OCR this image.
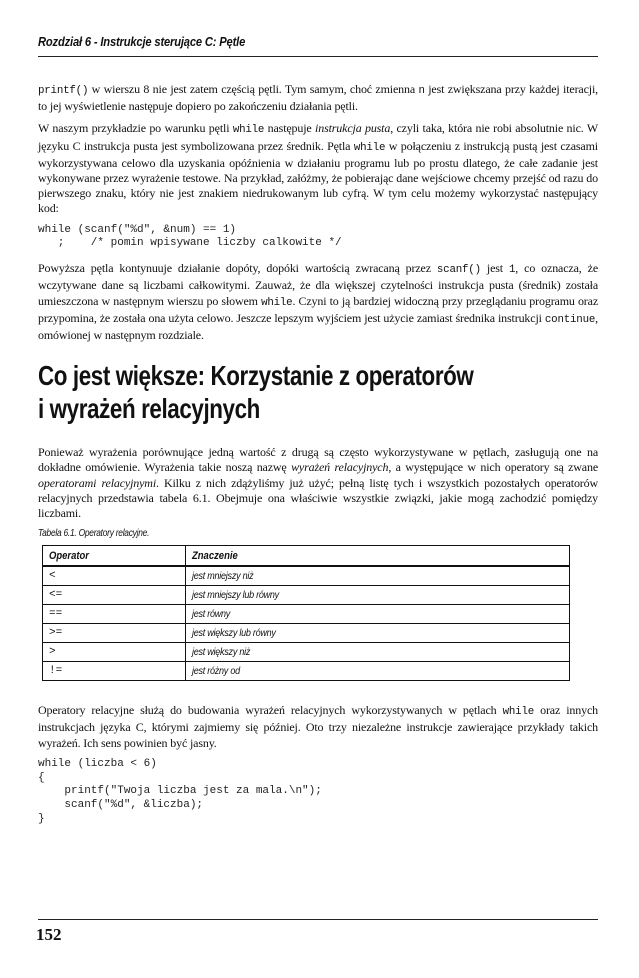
Rozdział 6 - Instrukcje sterujące C: Pętle

printf() w wierszu 8 nie jest zatem częścią pętli. Tym samym, choć zmienna n jest zwiększana przy każdej iteracji, to jej wyświetlenie następuje dopiero po zakończeniu działania pętli.

W naszym przykładzie po warunku pętli while następuje instrukcja pusta, czyli taka, która nie robi absolutnie nic. W języku C instrukcja pusta jest symbolizowana przez średnik. Pętla while w połączeniu z instrukcją pustą jest czasami wykorzystywana celowo dla uzyskania opóźnienia w działaniu programu lub po prostu dlatego, że całe zadanie jest wykonywane przez wyrażenie testowe. Na przykład, załóżmy, że pobierając dane wejściowe chcemy przejść od razu do pierwszego znaku, który nie jest znakiem niedrukowanym lub cyfrą. W tym celu możemy wykorzystać następujący kod:

while (scanf("%d", &num) == 1)
;    /* pomin wpisywane liczby calkowite */

Powyższa pętla kontynuuje działanie dopóty, dopóki wartością zwracaną przez scanf() jest 1, co oznacza, że wczytywane dane są liczbami całkowitymi. Zauważ, że dla większej czytelności instrukcja pusta (średnik) została umieszczona w następnym wierszu po słowem while. Czyni to ją bardziej widoczną przy przeglądaniu programu oraz przypomina, że została ona użyta celowo. Jeszcze lepszym wyjściem jest użycie zamiast średnika instrukcji continue, omówionej w następnym rozdziale.

Co jest większe: Korzystanie z operatorów
i wyrażeń relacyjnych

Ponieważ wyrażenia porównujące jedną wartość z drugą są często wykorzystywane w pętlach, zasługują one na dokładne omówienie. Wyrażenia takie noszą nazwę wyrażeń relacyjnych, a występujące w nich operatory są zwane operatorami relacyjnymi. Kilku z nich zdążyliśmy już użyć; pełną listę tych i wszystkich pozostałych operatorów relacyjnych przedstawia tabela 6.1. Obejmuje ona właściwie wszystkie związki, jakie mogą zachodzić pomiędzy liczbami.

Tabela 6.1. Operatory relacyjne.
Operator	Znaczenie
<	jest mniejszy niż
<=	jest mniejszy lub równy
==	jest równy
>=	jest większy lub równy
>	jest większy niż
!=	jest różny od

Operatory relacyjne służą do budowania wyrażeń relacyjnych wykorzystywanych w pętlach while oraz innych instrukcjach języka C, którymi zajmiemy się później. Oto trzy niezależne instrukcje zawierające przykłady takich wyrażeń. Ich sens powinien być jasny.

while (liczba < 6)
{
printf("Twoja liczba jest za mala.\n");
scanf("%d", &liczba);
}
152
